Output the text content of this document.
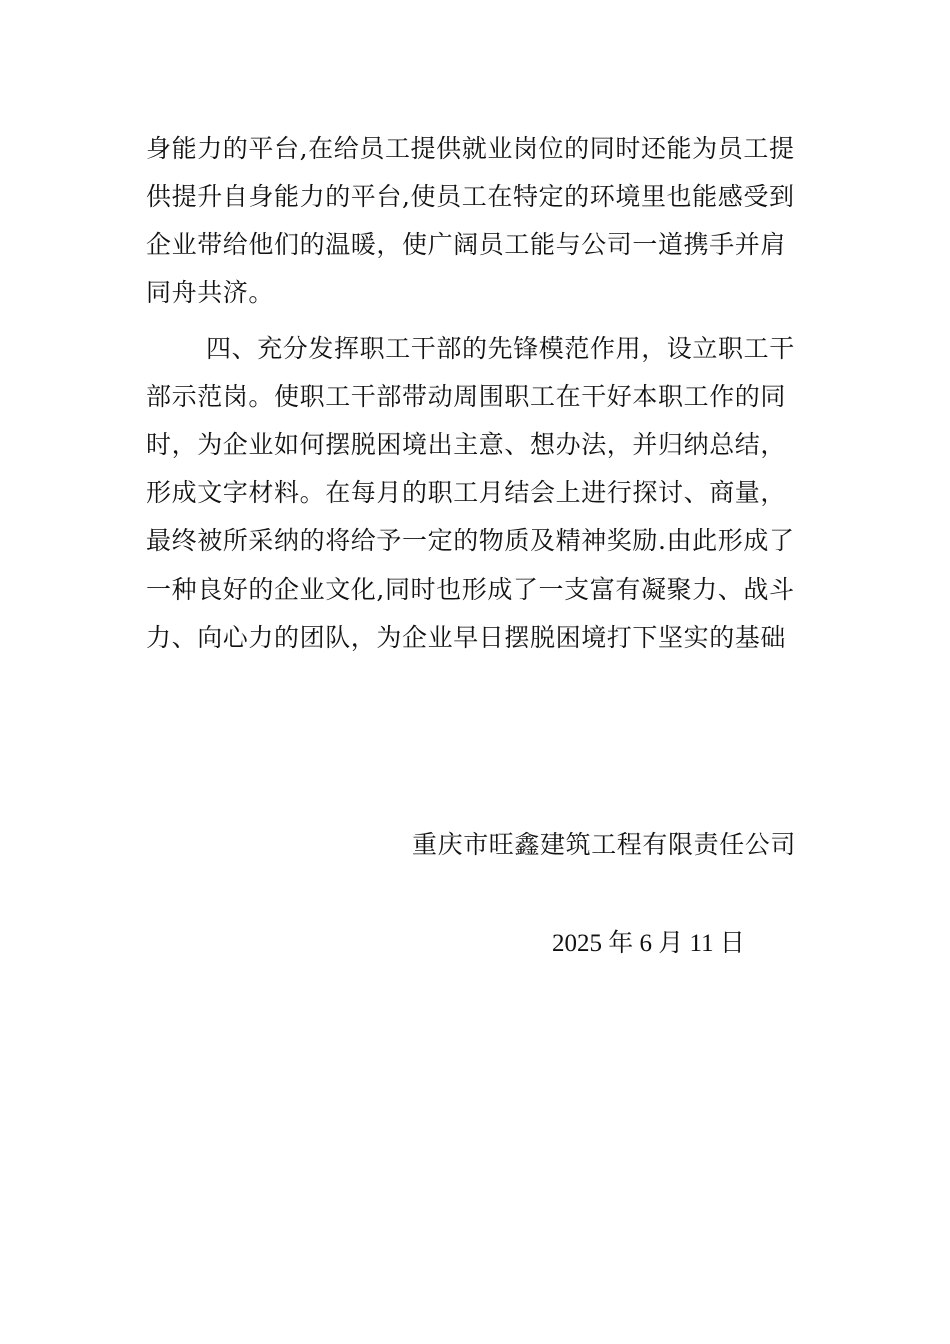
身能力的平台,在给员工提供就业岗位的同时还能为员工提
供提升自身能力的平台,使员工在特定的环境里也能感受到
企业带给他们的温暖，使广阔员工能与公司一道携手并肩
同舟共济。
四、充分发挥职工干部的先锋模范作用，设立职工干
部示范岗。使职工干部带动周围职工在干好本职工作的同
时，为企业如何摆脱困境出主意、想办法，并归纳总结，
形成文字材料。在每月的职工月结会上进行探讨、商量，
最终被所采纳的将给予一定的物质及精神奖励.由此形成了
一种良好的企业文化,同时也形成了一支富有凝聚力、战斗
力、向心力的团队，为企业早日摆脱困境打下坚实的基础
重庆市旺鑫建筑工程有限责任公司
2025 年 6 月 11 日
